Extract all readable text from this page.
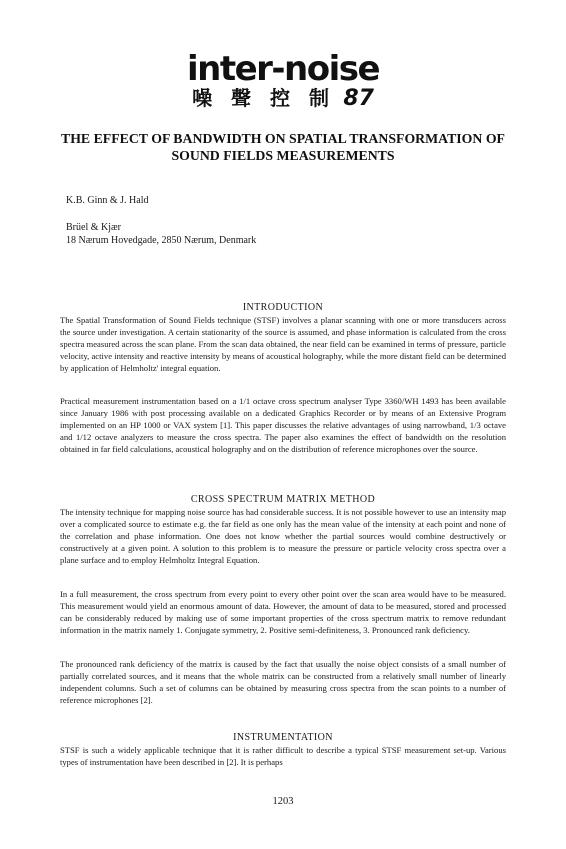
inter-noise
噪 聲 控 制 87
THE EFFECT OF BANDWIDTH ON SPATIAL TRANSFORMATION OF SOUND FIELDS MEASUREMENTS
K.B. Ginn & J. Hald
Brüel & Kjær
18 Nærum Hovedgade, 2850 Nærum, Denmark
INTRODUCTION

The Spatial Transformation of Sound Fields technique (STSF) involves a planar scanning with one or more transducers across the source under investigation. A certain stationarity of the source is assumed, and phase information is calculated from the cross spectra measured across the scan plane. From the scan data obtained, the near field can be examined in terms of pressure, particle velocity, active intensity and reactive intensity by means of acoustical holography, while the more distant field can be determined by application of Helmholtz' integral equation.

Practical measurement instrumentation based on a 1/1 octave cross spectrum analyser Type 3360/WH 1493 has been available since January 1986 with post processing available on a dedicated Graphics Recorder or by means of an Extensive Program implemented on an HP 1000 or VAX system [1]. This paper discusses the relative advantages of using narrowband, 1/3 octave and 1/12 octave analyzers to measure the cross spectra. The paper also examines the effect of bandwidth on the resolution obtained in far field calculations, acoustical holography and on the distribution of reference microphones over the source.

CROSS SPECTRUM MATRIX METHOD

The intensity technique for mapping noise source has had considerable success. It is not possible however to use an intensity map over a complicated source to estimate e.g. the far field as one only has the mean value of the intensity at each point and none of the correlation and phase information. One does not know whether the partial sources would combine destructively or constructively at a given point. A solution to this problem is to measure the pressure or particle velocity cross spectra over a plane surface and to employ Helmholtz Integral Equation.

In a full measurement, the cross spectrum from every point to every other point over the scan area would have to be measured. This measurement would yield an enormous amount of data. However, the amount of data to be measured, stored and processed can be considerably reduced by making use of some important properties of the cross spectrum matrix to remove redundant information in the matrix namely 1. Conjugate symmetry, 2. Positive semi-definiteness, 3. Pronounced rank deficiency.

The pronounced rank deficiency of the matrix is caused by the fact that usually the noise object consists of a small number of partially correlated sources, and it means that the whole matrix can be constructed from a relatively small number of linearly independent columns. Such a set of columns can be obtained by measuring cross spectra from the scan points to a number of reference microphones [2].

INSTRUMENTATION

STSF is such a widely applicable technique that it is rather difficult to describe a typical STSF measurement set-up. Various types of instrumentation have been described in [2]. It is perhaps

1203
